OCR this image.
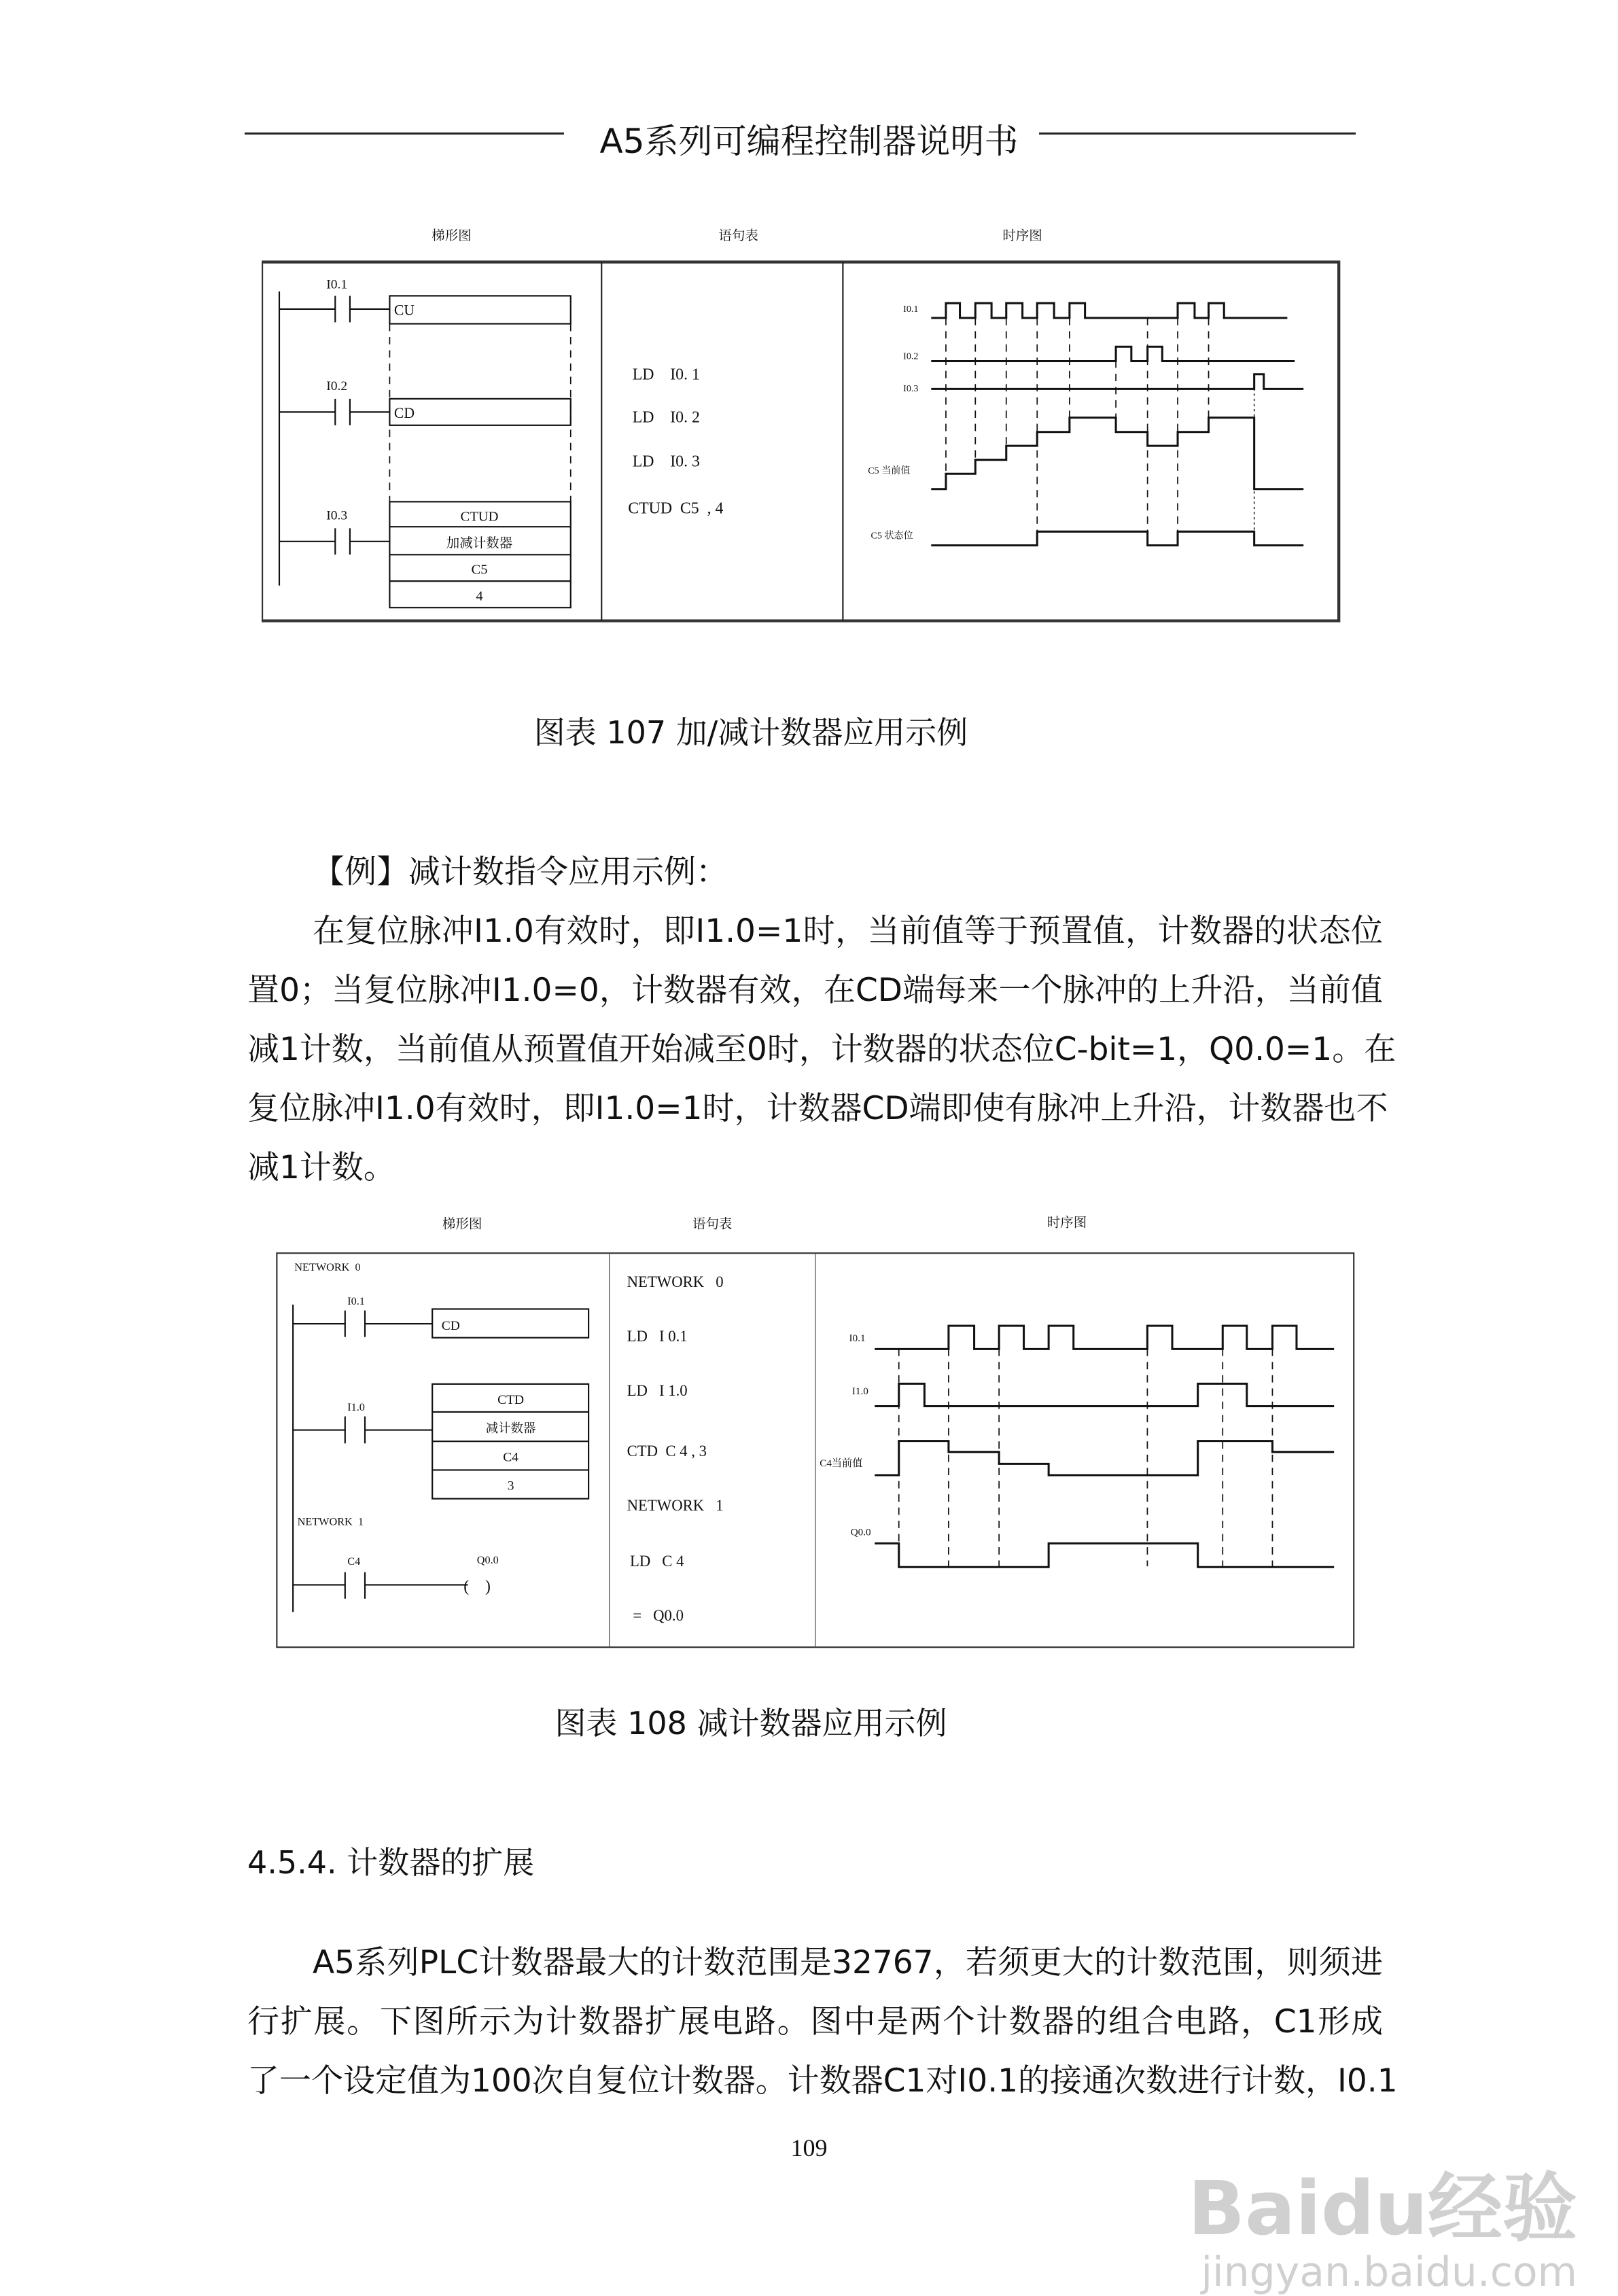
A5系列可编程控制器说明书
梯形图	语句表	时序图
I0.1
CU
I0.2
CD
I0.3	CTUD
加减计数器
C5
4
LD    I0. 1
LD    I0. 2
LD    I0. 3
CTUD  C5  , 4
I0.1
I0.2
I0.3
C5 当前值
C5 状态位
图表 107 加/减计数器应用示例
【例】减计数指令应用示例：
在复位脉冲I1.0有效时，即I1.0=1时，当前值等于预置值，计数器的状态位
置0；当复位脉冲I1.0=0，计数器有效，在CD端每来一个脉冲的上升沿，当前值
减1计数，当前值从预置值开始减至0时，计数器的状态位C-bit=1，Q0.0=1。在
复位脉冲I1.0有效时，即I1.0=1时，计数器CD端即使有脉冲上升沿，计数器也不
减1计数。
梯形图	语句表	时序图
NETWORK  0
I0.1
CD
I1.0	CTD
减计数器
C4
3
NETWORK  1
C4	Q0.0
(    )
NETWORK   0
LD   I 0.1
LD   I 1.0
CTD  C 4 , 3
NETWORK   1
LD   C 4
=   Q0.0
I0.1
I1.0
C4当前值
Q0.0
图表 108 减计数器应用示例
4.5.4. 计数器的扩展
A5系列PLC计数器最大的计数范围是32767，若须更大的计数范围，则须进
行扩展。下图所示为计数器扩展电路。图中是两个计数器的组合电路，C1形成
了一个设定值为100次自复位计数器。计数器C1对I0.1的接通次数进行计数，I0.1
109
Baidu经验
jingyan.baidu.com
